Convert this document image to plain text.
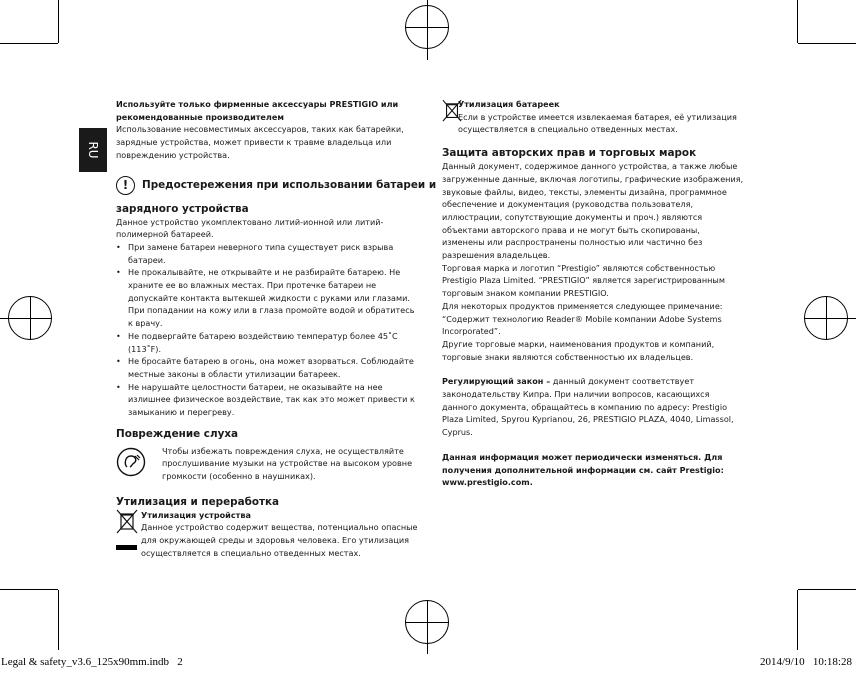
RU

Используйте только фирменные аксессуары PRESTIGIO или рекомендованные производителем

Использование несовместимых аксессуаров, таких как батарейки, зарядные устройства, может привести к травме владельца или повреждению устройства.

!	Предостережения при использовании батареи и

зарядного устройства

Данное устройство укомплектовано литий-ионной или литий-полимерной батареей.

• При замене батареи неверного типа существует риск взрыва батареи.
• Не прокалывайте, не открывайте и не разбирайте батарею. Не храните ее во влажных местах. При протечке батареи не допускайте контакта вытекшей жидкости с руками или глазами. При попадании на кожу или в глаза промойте водой и обратитесь к врачу.
• Не подвергайте батарею воздействию температур более 45˚C (113˚F).
• Не бросайте батарею в огонь, она может взорваться. Соблюдайте местные законы в области утилизации батареек.
• Не нарушайте целостности батареи, не оказывайте на нее излишнее физическое воздействие, так как это может привести к замыканию и перегреву.

Повреждение слуха

Чтобы избежать повреждения слуха, не осуществляйте прослушивание музыки на устройстве на высоком уровне громкости (особенно в наушниках).

Утилизация и переработка

Утилизация устройства

Данное устройство содержит вещества, потенциально опасные для окружающей среды и здоровья человека. Его утилизация осуществляется в специально отведенных местах.

Утилизация батареек

Если в устройстве имеется извлекаемая батарея, её утилизация осуществляется в специально отведенных местах.

Защита авторских прав и торговых марок

Данный документ, содержимое данного устройства, а также любые загруженные данные, включая логотипы, графические изображения, звуковые файлы, видео, тексты, элементы дизайна, программное обеспечение и документация (руководства пользователя, иллюстрации, сопутствующие документы и проч.) являются объектами авторского права и не могут быть скопированы, изменены или распространены полностью или частично без разрешения владельцев.

Торговая марка и логотип “Prestigio” являются собственностью Prestigio Plaza Limited. “PRESTIGIO” является зарегистрированным торговым знаком компании PRESTIGIO.

Для некоторых продуктов применяется следующее примечание: “Содержит технологию Reader® Mobile компании Adobe Systems Incorporated”.

Другие торговые марки, наименования продуктов и компаний, торговые знаки являются собственностью их владельцев.

Регулирующий закон – данный документ соответствует законодательству Кипра. При наличии вопросов, касающихся данного документа, обращайтесь в компанию по адресу: Prestigio Plaza Limited, Spyrou Kyprianou, 26, PRESTIGIO PLAZA, 4040, Limassol, Cyprus.

Данная информация может периодически изменяться. Для получения дополнительной информации см. сайт Prestigio: www.prestigio.com.

Legal & safety_v3.6_125x90mm.indb   2	2014/9/10   10:18:28
